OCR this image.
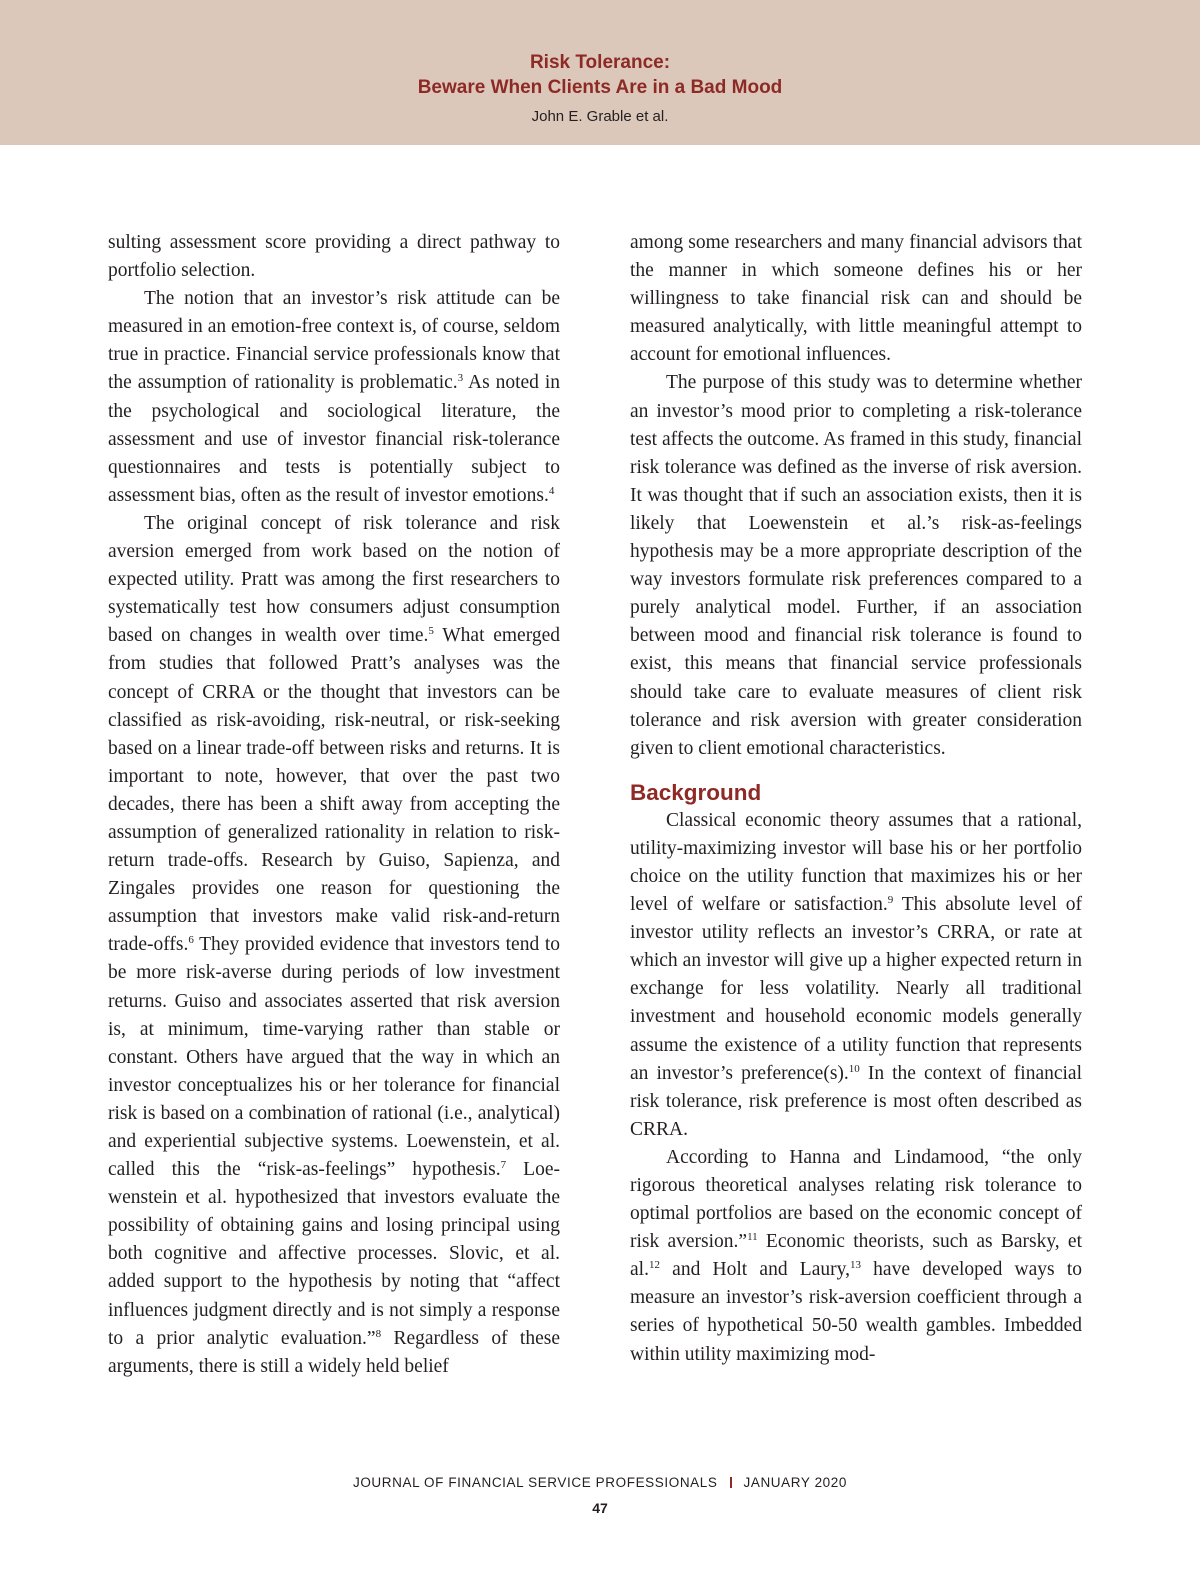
Risk Tolerance:
Beware When Clients Are in a Bad Mood
John E. Grable et al.

sulting assessment score providing a direct pathway to portfolio selection.

The notion that an investor’s risk attitude can be measured in an emotion-free context is, of course, seldom true in practice. Financial service professionals know that the assumption of rationality is problematic.$^3$ As noted in the psychological and sociological literature, the assessment and use of investor financial risk-tolerance questionnaires and tests is potentially subject to assessment bias, often as the result of investor emotions.$^4$

The original concept of risk tolerance and risk aversion emerged from work based on the notion of expected utility. Pratt was among the first researchers to systematically test how consumers adjust consumption based on changes in wealth over time.$^5$ What emerged from studies that followed Pratt’s analyses was the concept of CRRA or the thought that investors can be classified as risk-avoiding, risk-neutral, or risk-seeking based on a linear trade-off between risks and returns. It is important to note, however, that over the past two decades, there has been a shift away from accepting the assumption of generalized rationality in relation to risk-return trade-offs. Research by Guiso, Sapienza, and Zingales provides one reason for questioning the assumption that investors make valid risk-and-return trade-offs.$^6$ They provided evidence that investors tend to be more risk-averse during periods of low investment returns. Guiso and associates asserted that risk aversion is, at minimum, time-varying rather than stable or constant. Others have argued that the way in which an investor conceptualizes his or her tolerance for financial risk is based on a combination of rational (i.e., analytical) and experiential subjective systems. Loewenstein, et al. called this the “risk-as-feelings” hypothesis.$^7$ Loewenstein et al. hypothesized that investors evaluate the possibility of obtaining gains and losing principal using both cognitive and affective processes. Slovic, et al. added support to the hypothesis by noting that “affect influences judgment directly and is not simply a response to a prior analytic evaluation.”$^8$ Regardless of these arguments, there is still a widely held belief

among some researchers and many financial advisors that the manner in which someone defines his or her willingness to take financial risk can and should be measured analytically, with little meaningful attempt to account for emotional influences.

The purpose of this study was to determine whether an investor’s mood prior to completing a risk-tolerance test affects the outcome. As framed in this study, financial risk tolerance was defined as the inverse of risk aversion. It was thought that if such an association exists, then it is likely that Loewenstein et al.’s risk-as-feelings hypothesis may be a more appropriate description of the way investors formulate risk preferences compared to a purely analytical model. Further, if an association between mood and financial risk tolerance is found to exist, this means that financial service professionals should take care to evaluate measures of client risk tolerance and risk aversion with greater consideration given to client emotional characteristics.

Background

Classical economic theory assumes that a rational, utility-maximizing investor will base his or her portfolio choice on the utility function that maximizes his or her level of welfare or satisfaction.$^9$ This absolute level of investor utility reflects an investor’s CRRA, or rate at which an investor will give up a higher expected return in exchange for less volatility. Nearly all traditional investment and household economic models generally assume the existence of a utility function that represents an investor’s preference(s).$^{10}$ In the context of financial risk tolerance, risk preference is most often described as CRRA.

According to Hanna and Lindamood, “the only rigorous theoretical analyses relating risk tolerance to optimal portfolios are based on the economic concept of risk aversion.”$^{11}$ Economic theorists, such as Barsky, et al.$^{12}$ and Holt and Laury,$^{13}$ have developed ways to measure an investor’s risk-aversion coefficient through a series of hypothetical 50-50 wealth gambles. Imbedded within utility maximizing mod-

JOURNAL OF FINANCIAL SERVICE PROFESSIONALS JANUARY 2020
47
